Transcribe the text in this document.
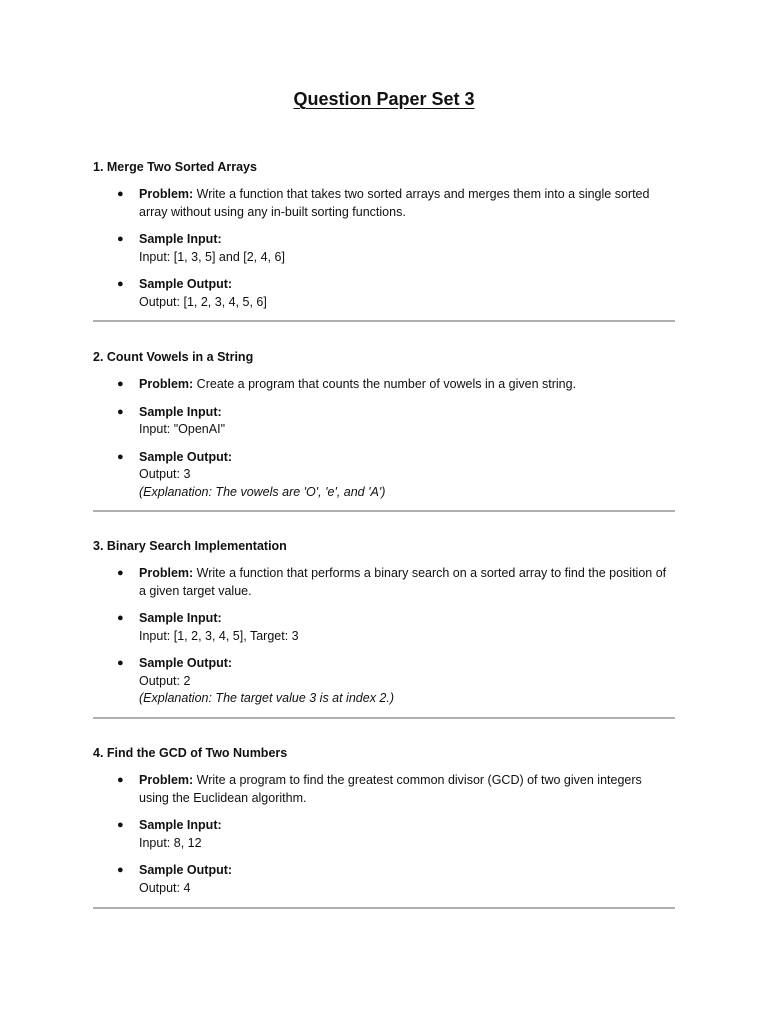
Question Paper Set 3

1. Merge Two Sorted Arrays

● Problem: Write a function that takes two sorted arrays and merges them into a single sorted array without using any in-built sorting functions.
● Sample Input:
Input: [1, 3, 5] and [2, 4, 6]
● Sample Output:
Output: [1, 2, 3, 4, 5, 6]

2. Count Vowels in a String

● Problem: Create a program that counts the number of vowels in a given string.
● Sample Input:
Input: "OpenAI"
● Sample Output:
Output: 3
(Explanation: The vowels are 'O', 'e', and 'A')

3. Binary Search Implementation

● Problem: Write a function that performs a binary search on a sorted array to find the position of a given target value.
● Sample Input:
Input: [1, 2, 3, 4, 5], Target: 3
● Sample Output:
Output: 2
(Explanation: The target value 3 is at index 2.)

4. Find the GCD of Two Numbers

● Problem: Write a program to find the greatest common divisor (GCD) of two given integers using the Euclidean algorithm.
● Sample Input:
Input: 8, 12
● Sample Output:
Output: 4
